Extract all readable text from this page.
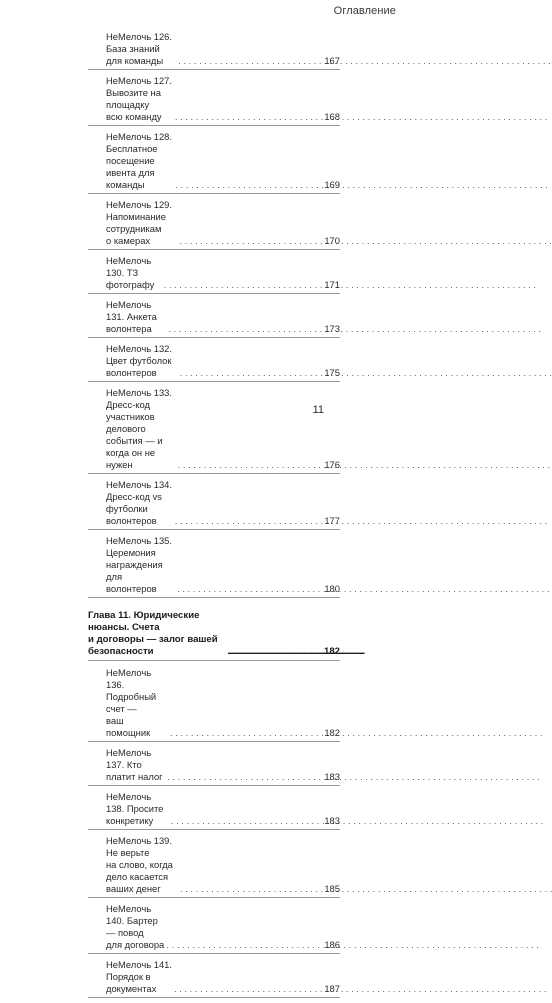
Оглавление
НеМелочь 126. База знаний для команды . . .	167
НеМелочь 127. Вывозите на площадку
всю команду . . .	168
НеМелочь 128. Бесплатное посещение
ивента для команды . . .	169
НеМелочь 129. Напоминание сотрудникам
о камерах . . .	170
НеМелочь 130. ТЗ фотографу . . .	171
НеМелочь 131. Анкета волонтера . . .	173
НеМелочь 132. Цвет футболок волонтеров . . .	175
НеМелочь 133. Дресс-код участников
делового события — и когда он не нужен . . .	176
НеМелочь 134. Дресс-код vs футболки
волонтеров . . .	177
НеМелочь 135. Церемония награждения
для волонтеров . . .	180
Глава 11. Юридические нюансы. Счета
и договоры — залог вашей безопасности .....	182
НеМелочь 136. Подробный счет —
ваш помощник . . .	182
НеМелочь 137. Кто платит налог . . .	183
НеМелочь 138. Просите конкретику . . .	183
НеМелочь 139. Не верьте
на слово, когда дело касается ваших денег . . .	185
НеМелочь 140. Бартер — повод
для договора . . .	186
НеМелочь 141. Порядок в документах . . .	187
11
